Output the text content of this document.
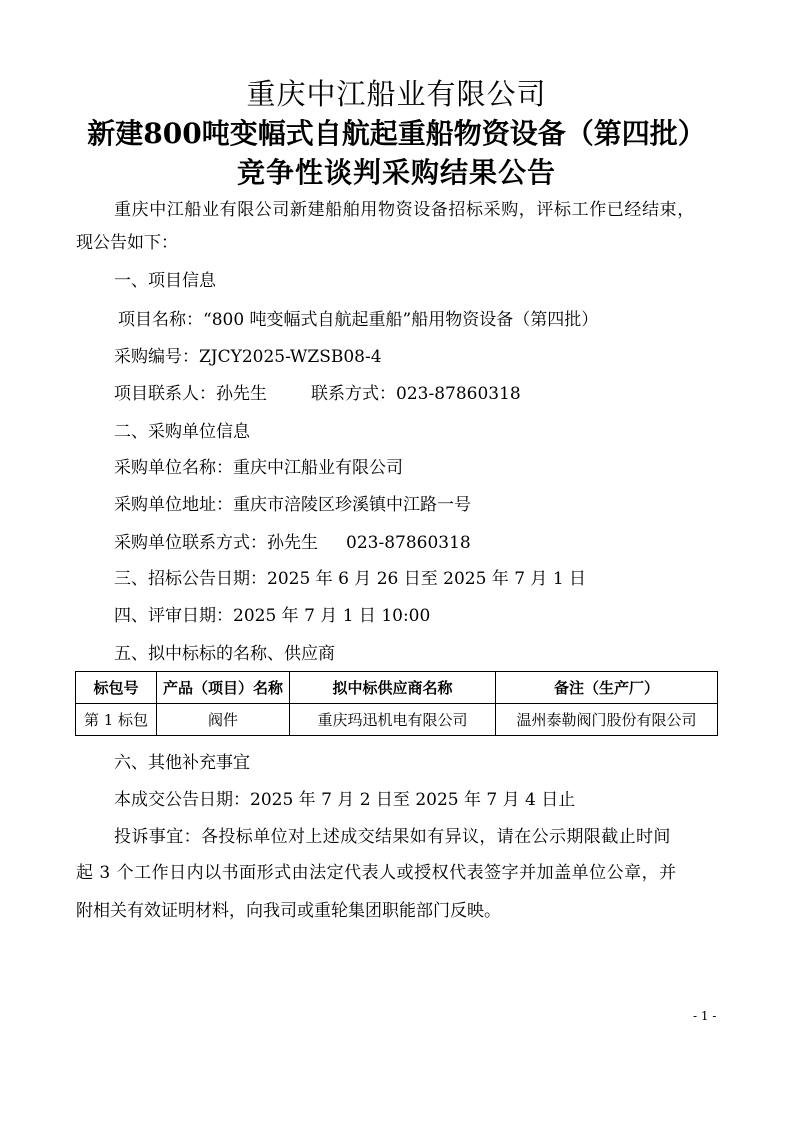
重庆中江船业有限公司
新建800吨变幅式自航起重船物资设备（第四批）
竞争性谈判采购结果公告
重庆中江船业有限公司新建船舶用物资设备招标采购，评标工作已经结束，
现公告如下：
一、项目信息
项目名称：“800 吨变幅式自航起重船”船用物资设备（第四批）
采购编号：ZJCY2025-WZSB08-4
项目联系人：孙先生	联系方式：023-87860318
二、采购单位信息
采购单位名称：重庆中江船业有限公司
采购单位地址：重庆市涪陵区珍溪镇中江路一号
采购单位联系方式：孙先生 023-87860318
三、招标公告日期：2025 年 6 月 26 日至 2025 年 7 月 1 日
四、评审日期：2025 年 7 月 1 日 10:00
五、拟中标标的名称、供应商
标包号	产品（项目）名称	拟中标供应商名称	备注（生产厂）
第 1 标包	阀件	重庆玛迅机电有限公司	温州泰勒阀门股份有限公司
六、其他补充事宜
本成交公告日期：2025 年 7 月 2 日至 2025 年 7 月 4 日止
投诉事宜：各投标单位对上述成交结果如有异议，请在公示期限截止时间
起 3 个工作日内以书面形式由法定代表人或授权代表签字并加盖单位公章，并
附相关有效证明材料，向我司或重轮集团职能部门反映。
- 1 -
